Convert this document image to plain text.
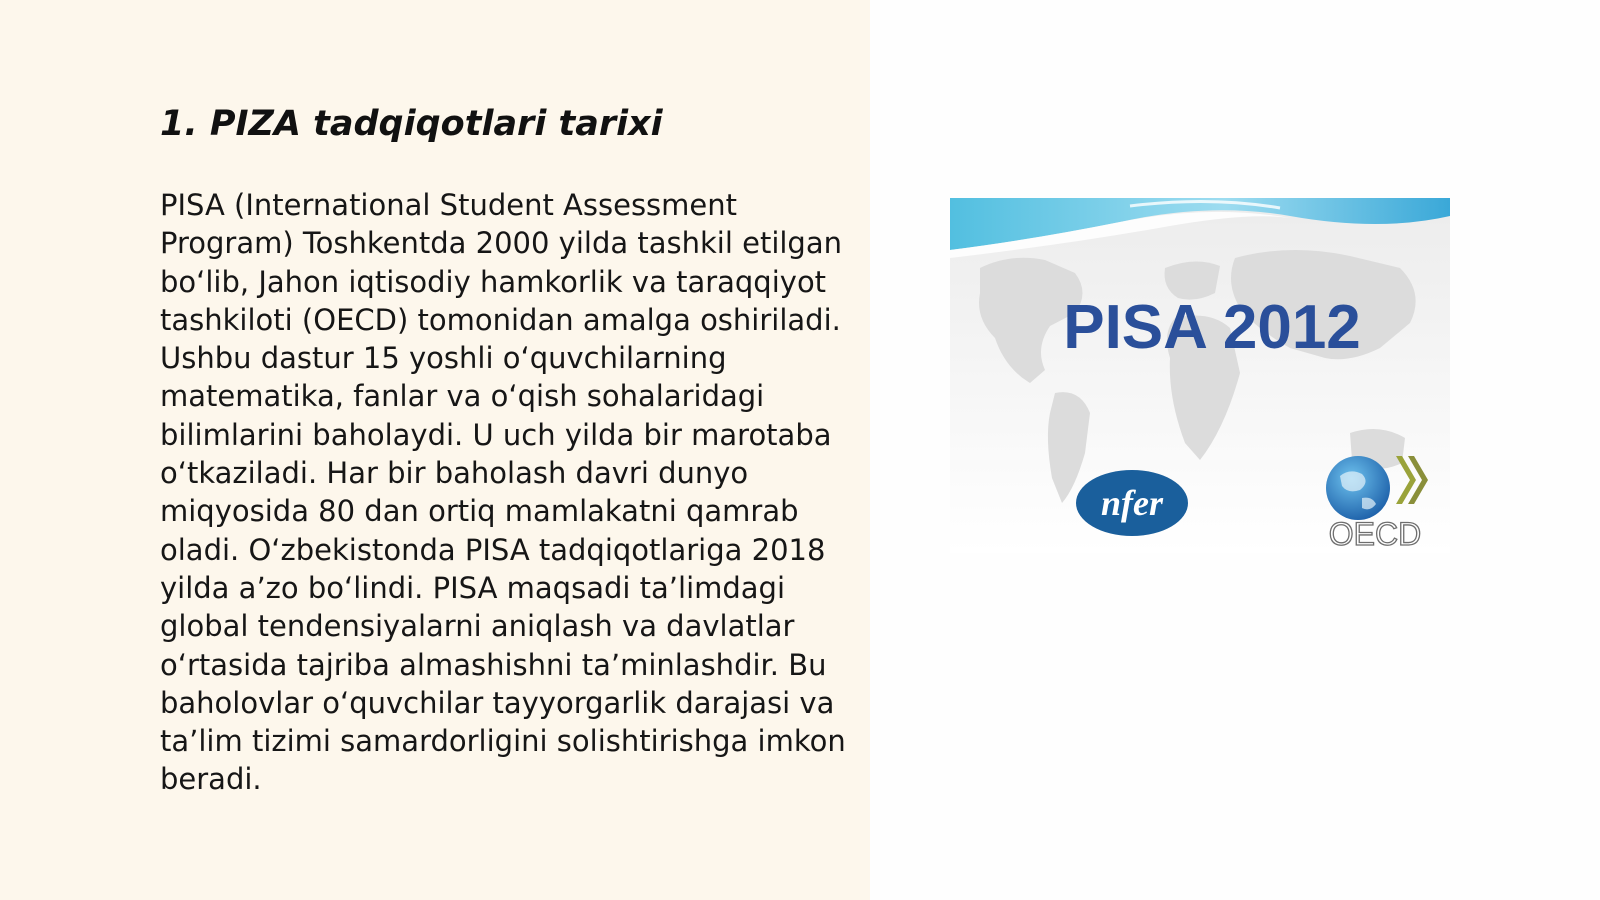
1. PIZA tadqiqotlari tarixi

PISA (International Student Assessment Program) Toshkentda 2000 yilda tashkil etilgan bo‘lib, Jahon iqtisodiy hamkorlik va taraqqiyot tashkiloti (OECD) tomonidan amalga oshiriladi. Ushbu dastur 15 yoshli o‘quvchilarning matematika, fanlar va o‘qish sohalaridagi bilimlarini baholaydi. U uch yilda bir marotaba o‘tkaziladi. Har bir baholash davri dunyo miqyosida 80 dan ortiq mamlakatni qamrab oladi. O‘zbekistonda PISA tadqiqotlariga 2018 yilda a’zo bo‘lindi. PISA maqsadi ta’limdagi global tendensiyalarni aniqlash va davlatlar o‘rtasida tajriba almashishni ta’minlashdir. Bu baholovlar o‘quvchilar tayyorgarlik darajasi va ta’lim tizimi samardorligini solishtirishga imkon beradi.

PISA 2012
nfer
OECD
